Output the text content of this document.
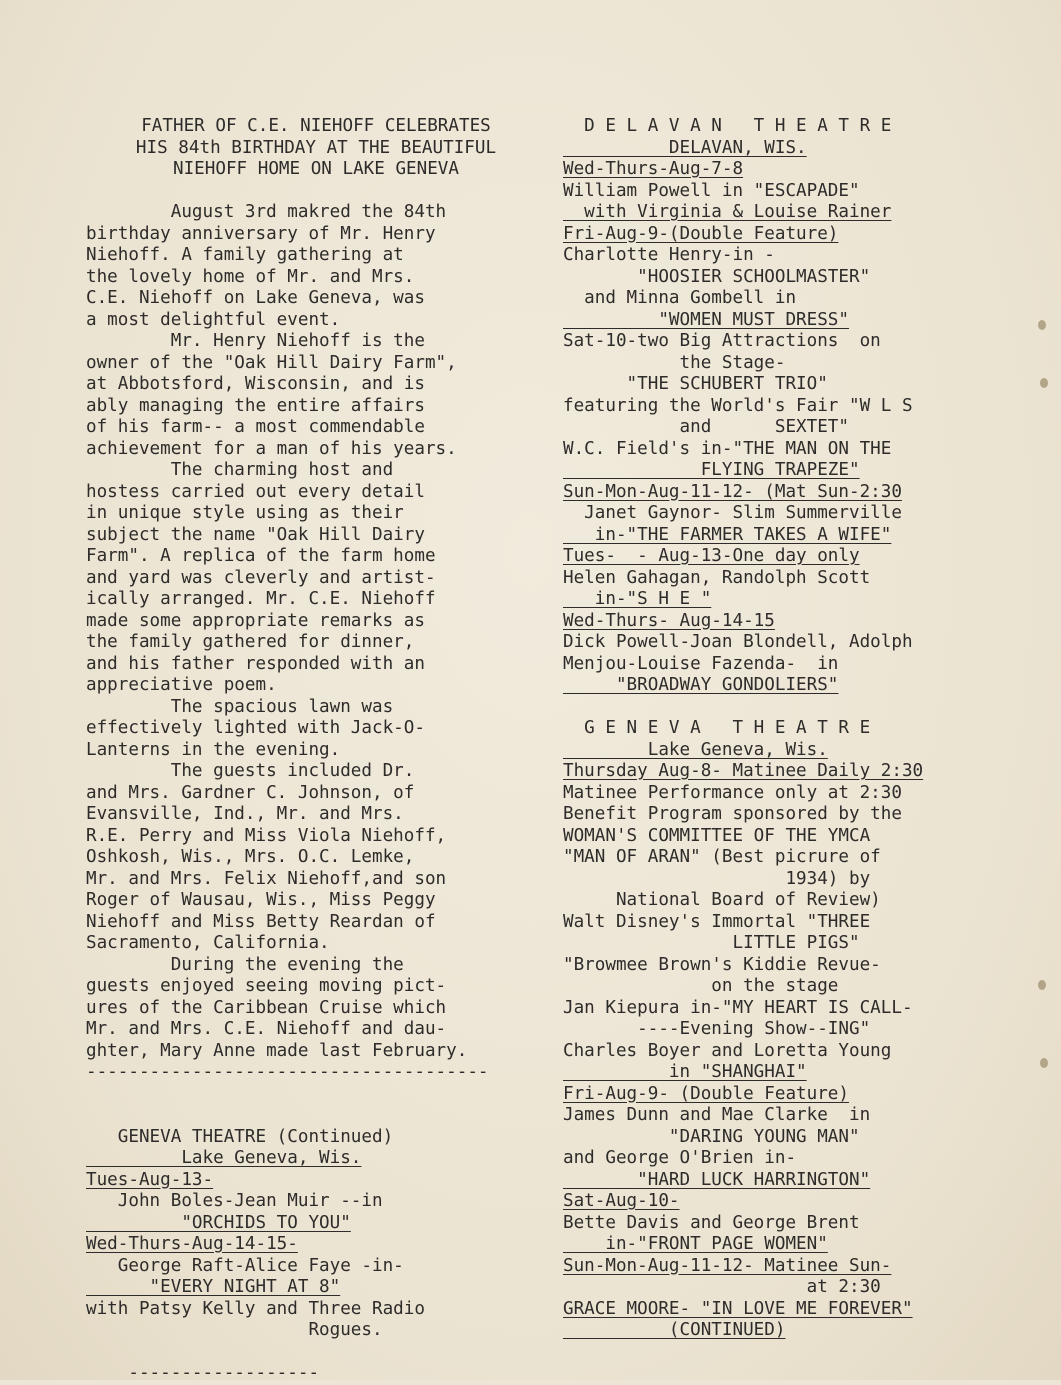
FATHER OF C.E. NIEHOFF CELEBRATES
HIS 84th BIRTHDAY AT THE BEAUTIFUL
NIEHOFF HOME ON LAKE GENEVA
August 3rd makred the 84th
birthday anniversary of Mr. Henry
Niehoff. A family gathering at
the lovely home of Mr. and Mrs.
C.E. Niehoff on Lake Geneva, was
a most delightful event.
Mr. Henry Niehoff is the
owner of the "Oak Hill Dairy Farm",
at Abbotsford, Wisconsin, and is
ably managing the entire affairs
of his farm-- a most commendable
achievement for a man of his years.
The charming host and
hostess carried out every detail
in unique style using as their
subject the name "Oak Hill Dairy
Farm". A replica of the farm home
and yard was cleverly and artist-
ically arranged. Mr. C.E. Niehoff
made some appropriate remarks as
the family gathered for dinner,
and his father responded with an
appreciative poem.
The spacious lawn was
effectively lighted with Jack-O-
Lanterns in the evening.
The guests included Dr.
and Mrs. Gardner C. Johnson, of
Evansville, Ind., Mr. and Mrs.
R.E. Perry and Miss Viola Niehoff,
Oshkosh, Wis., Mrs. O.C. Lemke,
Mr. and Mrs. Felix Niehoff,and son
Roger of Wausau, Wis., Miss Peggy
Niehoff and Miss Betty Reardan of
Sacramento, California.
During the evening the
guests enjoyed seeing moving pict-
ures of the Caribbean Cruise which
Mr. and Mrs. C.E. Niehoff and dau-
ghter, Mary Anne made last February.
--------------------------------------
GENEVA THEATRE (Continued)
Lake Geneva, Wis.
Tues-Aug-13-
John Boles-Jean Muir --in
"ORCHIDS TO YOU"
Wed-Thurs-Aug-14-15-
George Raft-Alice Faye -in-
"EVERY NIGHT AT 8"
with Patsy Kelly and Three Radio
Rogues.
------------------
D E L A V A N   T H E A T R E
DELAVAN, WIS.
Wed-Thurs-Aug-7-8
William Powell in "ESCAPADE"
with Virginia & Louise Rainer
Fri-Aug-9-(Double Feature)
Charlotte Henry-in -
"HOOSIER SCHOOLMASTER"
and Minna Gombell in
"WOMEN MUST DRESS"
Sat-10-two Big Attractions  on
the Stage-
"THE SCHUBERT TRIO"
featuring the World's Fair "W L S
and      SEXTET"
W.C. Field's in-"THE MAN ON THE
FLYING TRAPEZE"
Sun-Mon-Aug-11-12- (Mat Sun-2:30
Janet Gaynor- Slim Summerville
in-"THE FARMER TAKES A WIFE"
Tues-  - Aug-13-One day only
Helen Gahagan, Randolph Scott
in-"S H E "
Wed-Thurs- Aug-14-15
Dick Powell-Joan Blondell, Adolph
Menjou-Louise Fazenda-  in
"BROADWAY GONDOLIERS"
G E N E V A   T H E A T R E
Lake Geneva, Wis.
Thursday Aug-8- Matinee Daily 2:30
Matinee Performance only at 2:30
Benefit Program sponsored by the
WOMAN'S COMMITTEE OF THE YMCA
"MAN OF ARAN" (Best picrure of
1934) by
National Board of Review)
Walt Disney's Immortal "THREE
LITTLE PIGS"
"Browmee Brown's Kiddie Revue-
on the stage
Jan Kiepura in-"MY HEART IS CALL-
----Evening Show--ING"
Charles Boyer and Loretta Young
in "SHANGHAI"
Fri-Aug-9- (Double Feature)
James Dunn and Mae Clarke  in
"DARING YOUNG MAN"
and George O'Brien in-
"HARD LUCK HARRINGTON"
Sat-Aug-10-
Bette Davis and George Brent
in-"FRONT PAGE WOMEN"
Sun-Mon-Aug-11-12- Matinee Sun-
at 2:30
GRACE MOORE- "IN LOVE ME FOREVER"
(CONTINUED)
